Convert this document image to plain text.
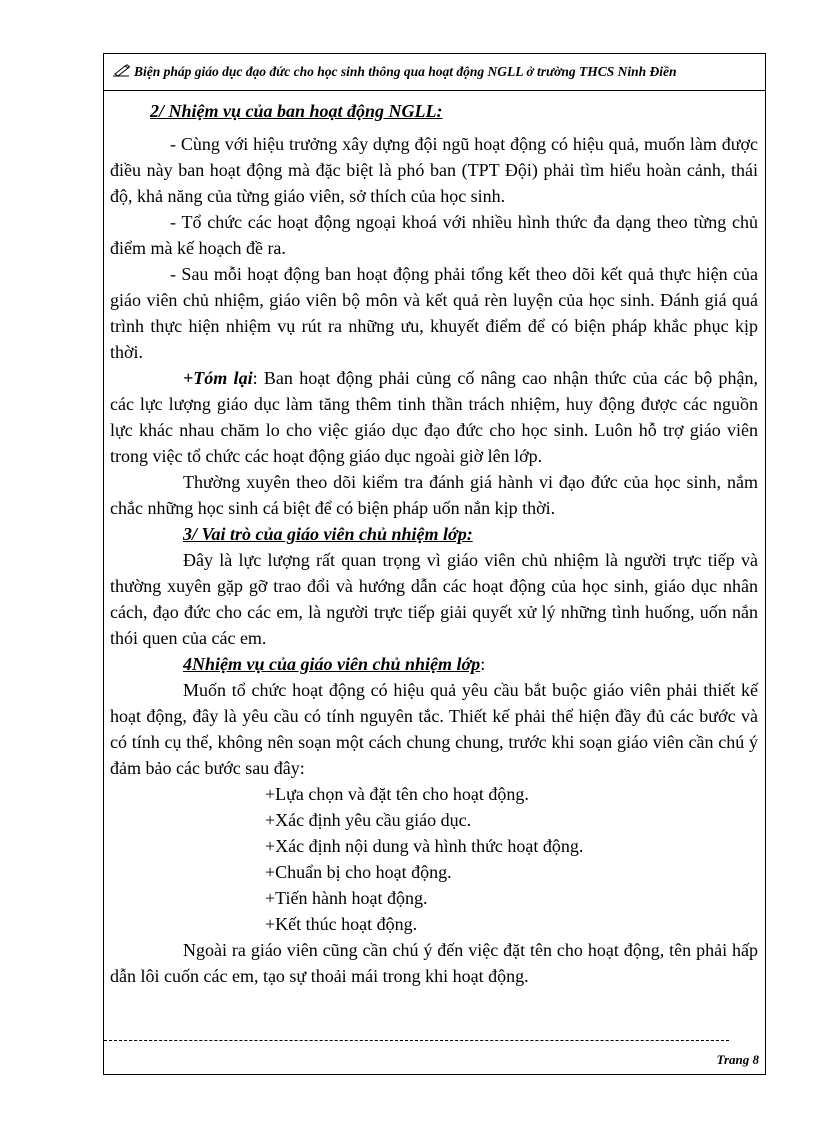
Biện pháp giáo dục đạo đức cho học sinh thông qua hoạt động NGLL ở trường THCS Ninh Điền

2/ Nhiệm vụ của ban hoạt động NGLL:

- Cùng với hiệu trưởng xây dựng đội ngũ hoạt động có hiệu quả, muốn làm được điều này ban hoạt động mà đặc biệt là phó ban (TPT Đội) phải tìm hiểu hoàn cảnh, thái độ, khả năng của từng giáo viên, sở thích của học sinh.

- Tổ chức các hoạt động ngoại khoá với nhiều hình thức đa dạng theo từng chủ điểm mà kế hoạch đề ra.

- Sau mỗi hoạt động ban hoạt động phải tổng kết theo dõi kết quả thực hiện của giáo viên chủ nhiệm, giáo viên bộ môn và kết quả rèn luyện của học sinh. Đánh giá quá trình thực hiện nhiệm vụ rút ra những ưu, khuyết điểm để có biện pháp khắc phục kịp thời.

+Tóm lại: Ban hoạt động phải củng cố nâng cao nhận thức của các bộ phận, các lực lượng giáo dục làm tăng thêm tinh thần trách nhiệm, huy động được các nguồn lực khác nhau chăm lo cho việc giáo dục đạo đức cho học sinh. Luôn hỗ trợ giáo viên trong việc tổ chức các hoạt động giáo dục ngoài giờ lên lớp.

Thường xuyên theo dõi kiểm tra đánh giá hành vi đạo đức của học sinh, nắm chắc những học sinh cá biệt để có biện pháp uốn nắn kịp thời.

3/ Vai trò của giáo viên chủ nhiệm lớp:

Đây là lực lượng rất quan trọng vì giáo viên chủ nhiệm là người trực tiếp và thường xuyên gặp gỡ trao đổi và hướng dẫn các hoạt động của học sinh, giáo dục nhân cách, đạo đức cho các em, là người trực tiếp giải quyết xử lý những tình huống, uốn nắn thói quen của các em.

4Nhiệm vụ của giáo viên chủ nhiệm lớp:

Muốn tổ chức hoạt động có hiệu quả yêu cầu bắt buộc giáo viên phải thiết kế hoạt động, đây là yêu cầu có tính nguyên tắc. Thiết kế phải thể hiện đầy đủ các bước và có tính cụ thể, không nên soạn một cách chung chung, trước khi soạn giáo viên cần chú ý đảm bảo các bước sau đây:

+Lựa chọn và đặt tên cho hoạt động.

+Xác định yêu cầu giáo dục.

+Xác định nội dung và hình thức hoạt động.

+Chuẩn bị cho hoạt động.

+Tiến hành hoạt động.

+Kết thúc hoạt động.

Ngoài ra giáo viên cũng cần chú ý đến việc đặt tên cho hoạt động, tên phải hấp dẫn lôi cuốn các em, tạo sự thoải mái trong khi hoạt động.

Trang 8
